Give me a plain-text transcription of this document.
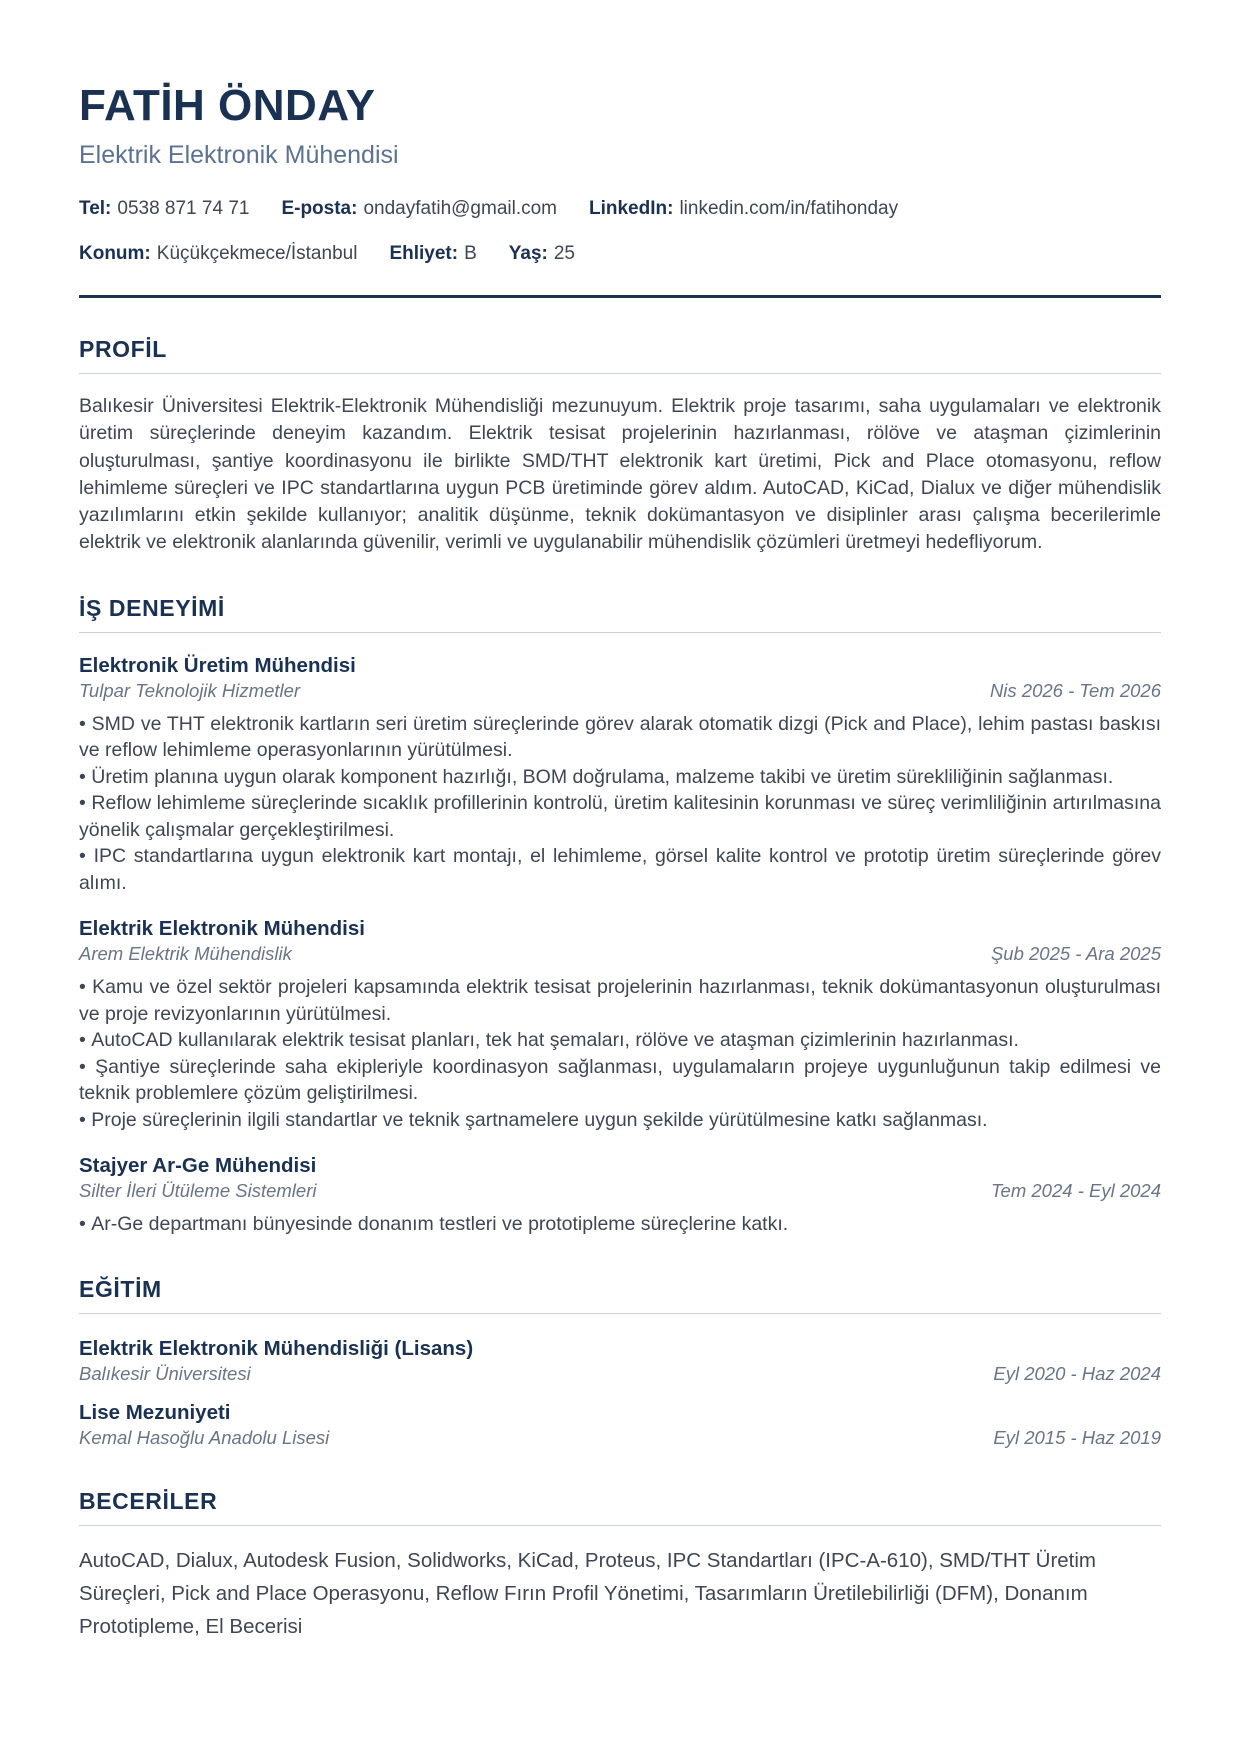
FATİH ÖNDAY
Elektrik Elektronik Mühendisi
Tel: 0538 871 74 71 E-posta: ondayfatih@gmail.com LinkedIn: linkedin.com/in/fatihonday
Konum: Küçükçekmece/İstanbul Ehliyet: B Yaş: 25
PROFİL
Balıkesir Üniversitesi Elektrik-Elektronik Mühendisliği mezunuyum. Elektrik proje tasarımı, saha uygulamaları ve elektronik üretim süreçlerinde deneyim kazandım. Elektrik tesisat projelerinin hazırlanması, rölöve ve ataşman çizimlerinin oluşturulması, şantiye koordinasyonu ile birlikte SMD/THT elektronik kart üretimi, Pick and Place otomasyonu, reflow lehimleme süreçleri ve IPC standartlarına uygun PCB üretiminde görev aldım. AutoCAD, KiCad, Dialux ve diğer mühendislik yazılımlarını etkin şekilde kullanıyor; analitik düşünme, teknik dokümantasyon ve disiplinler arası çalışma becerilerimle elektrik ve elektronik alanlarında güvenilir, verimli ve uygulanabilir mühendislik çözümleri üretmeyi hedefliyorum.
İŞ DENEYİMİ
Elektronik Üretim Mühendisi
Tulpar Teknolojik Hizmetler	Nis 2026 - Tem 2026
• SMD ve THT elektronik kartların seri üretim süreçlerinde görev alarak otomatik dizgi (Pick and Place), lehim pastası baskısı ve reflow lehimleme operasyonlarının yürütülmesi.
• Üretim planına uygun olarak komponent hazırlığı, BOM doğrulama, malzeme takibi ve üretim sürekliliğinin sağlanması.
• Reflow lehimleme süreçlerinde sıcaklık profillerinin kontrolü, üretim kalitesinin korunması ve süreç verimliliğinin artırılmasına yönelik çalışmalar gerçekleştirilmesi.
• IPC standartlarına uygun elektronik kart montajı, el lehimleme, görsel kalite kontrol ve prototip üretim süreçlerinde görev alımı.
Elektrik Elektronik Mühendisi
Arem Elektrik Mühendislik	Şub 2025 - Ara 2025
• Kamu ve özel sektör projeleri kapsamında elektrik tesisat projelerinin hazırlanması, teknik dokümantasyonun oluşturulması ve proje revizyonlarının yürütülmesi.
• AutoCAD kullanılarak elektrik tesisat planları, tek hat şemaları, rölöve ve ataşman çizimlerinin hazırlanması.
• Şantiye süreçlerinde saha ekipleriyle koordinasyon sağlanması, uygulamaların projeye uygunluğunun takip edilmesi ve teknik problemlere çözüm geliştirilmesi.
• Proje süreçlerinin ilgili standartlar ve teknik şartnamelere uygun şekilde yürütülmesine katkı sağlanması.
Stajyer Ar-Ge Mühendisi
Silter İleri Ütüleme Sistemleri	Tem 2024 - Eyl 2024
• Ar-Ge departmanı bünyesinde donanım testleri ve prototipleme süreçlerine katkı.
EĞİTİM
Elektrik Elektronik Mühendisliği (Lisans)
Balıkesir Üniversitesi	Eyl 2020 - Haz 2024
Lise Mezuniyeti
Kemal Hasoğlu Anadolu Lisesi	Eyl 2015 - Haz 2019
BECERİLER
AutoCAD, Dialux, Autodesk Fusion, Solidworks, KiCad, Proteus, IPC Standartları (IPC-A-610), SMD/THT Üretim Süreçleri, Pick and Place Operasyonu, Reflow Fırın Profil Yönetimi, Tasarımların Üretilebilirliği (DFM), Donanım Prototipleme, El Becerisi
